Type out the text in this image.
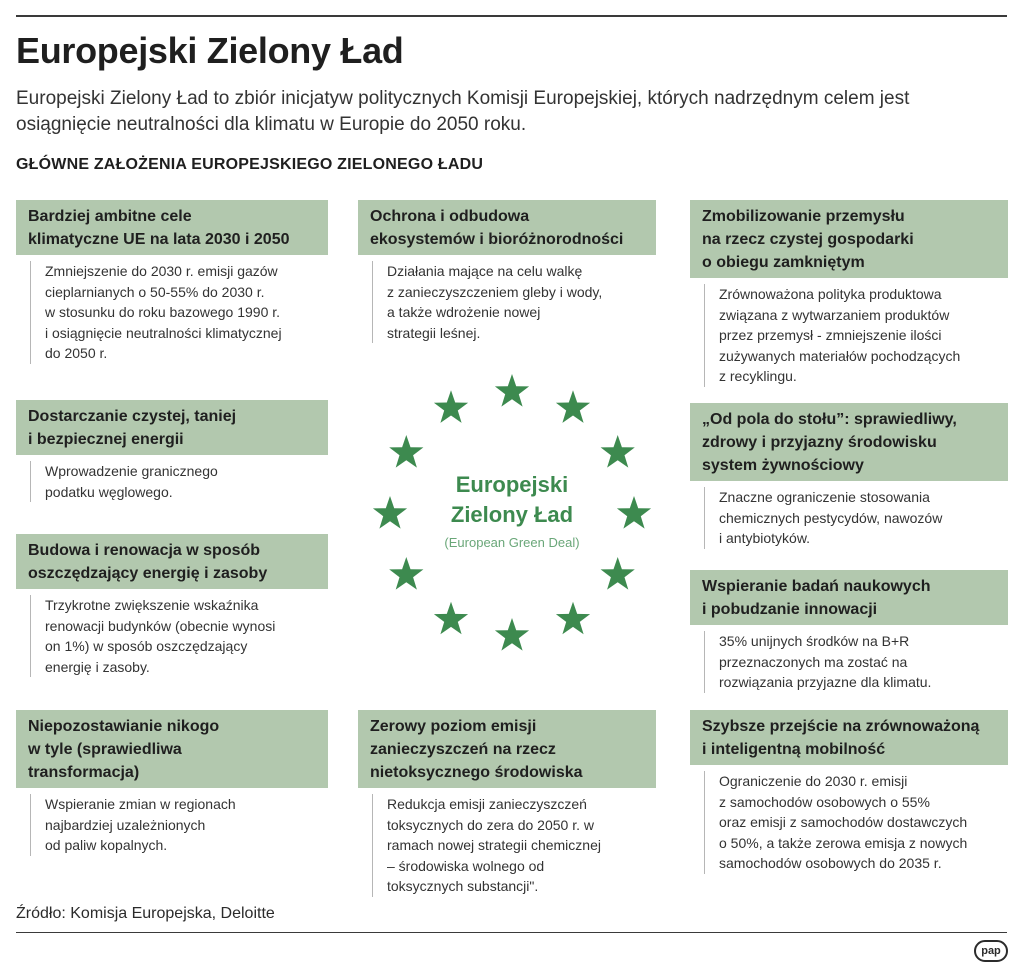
Europejski Zielony Ład

Europejski Zielony Ład to zbiór inicjatyw politycznych Komisji Europejskiej, których nadrzędnym celem jest osiągnięcie neutralności dla klimatu w Europie do 2050 roku.

GŁÓWNE ZAŁOŻENIA EUROPEJSKIEGO ZIELONEGO ŁADU
Bardziej ambitne cele
klimatyczne UE na lata 2030 i 2050
Zmniejszenie do 2030 r. emisji gazów
cieplarnianych o 50-55% do 2030 r.
w stosunku do roku bazowego 1990 r.
i osiągnięcie neutralności klimatycznej
do 2050 r.
Dostarczanie czystej, taniej
i bezpiecznej energii
Wprowadzenie granicznego
podatku węglowego.
Budowa i renowacja w sposób
oszczędzający energię i zasoby
Trzykrotne zwiększenie wskaźnika
renowacji budynków (obecnie wynosi
on 1%) w sposób oszczędzający
energię i zasoby.
Niepozostawianie nikogo
w tyle (sprawiedliwa
transformacja)
Wspieranie zmian w regionach
najbardziej uzależnionych
od paliw kopalnych.
Ochrona i odbudowa
ekosystemów i bioróżnorodności
Działania mające na celu walkę
z zanieczyszczeniem gleby i wody,
a także wdrożenie nowej
strategii leśnej.
Zerowy poziom emisji
zanieczyszczeń na rzecz
nietoksycznego środowiska
Redukcja emisji zanieczyszczeń
toksycznych do zera do 2050 r. w
ramach nowej strategii chemicznej
– środowiska wolnego od
toksycznych substancji".
Europejski
Zielony Ład
(European Green Deal)
Zmobilizowanie przemysłu
na rzecz czystej gospodarki
o obiegu zamkniętym
Zrównoważona polityka produktowa
związana z wytwarzaniem produktów
przez przemysł - zmniejszenie ilości
zużywanych materiałów pochodzących
z recyklingu.
„Od pola do stołu”: sprawiedliwy,
zdrowy i przyjazny środowisku
system żywnościowy
Znaczne ograniczenie stosowania
chemicznych pestycydów, nawozów
i antybiotyków.
Wspieranie badań naukowych
i pobudzanie innowacji
35% unijnych środków na B+R
przeznaczonych ma zostać na
rozwiązania przyjazne dla klimatu.
Szybsze przejście na zrównoważoną
i inteligentną mobilność
Ograniczenie do 2030 r. emisji
z samochodów osobowych o 55%
oraz emisji z samochodów dostawczych
o 50%, a także zerowa emisja z nowych
samochodów osobowych do 2035 r.
Źródło: Komisja Europejska, Deloitte
pap
